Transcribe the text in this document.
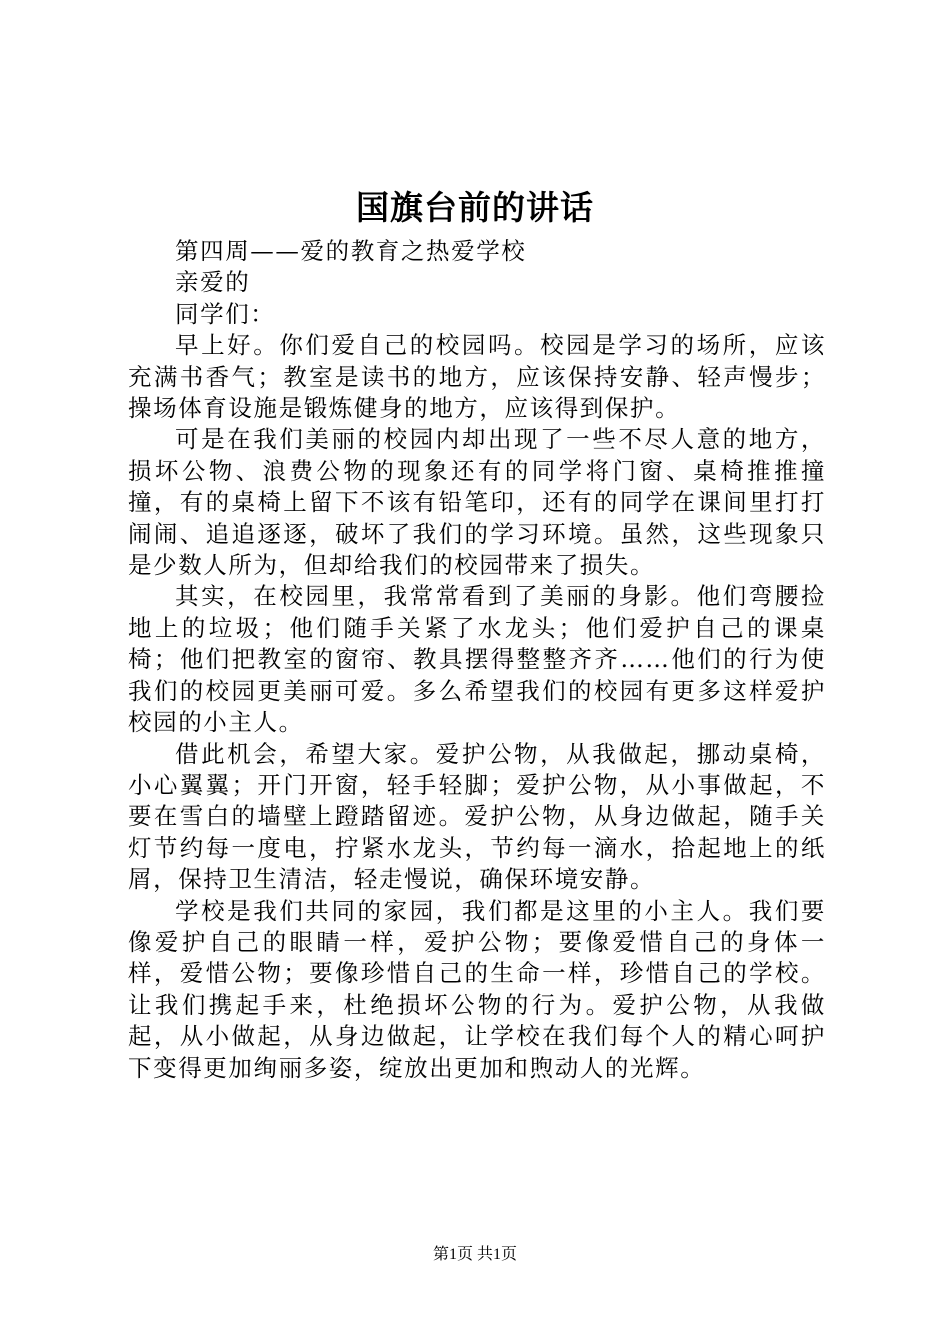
国旗台前的讲话

第四周——爱的教育之热爱学校

亲爱的

同学们：

早上好。你们爱自己的校园吗。校园是学习的场所，应该充满书香气；教室是读书的地方，应该保持安静、轻声慢步；操场体育设施是锻炼健身的地方，应该得到保护。

可是在我们美丽的校园内却出现了一些不尽人意的地方，损坏公物、浪费公物的现象还有的同学将门窗、桌椅推推撞撞，有的桌椅上留下不该有铅笔印，还有的同学在课间里打打闹闹、追追逐逐，破坏了我们的学习环境。虽然，这些现象只是少数人所为，但却给我们的校园带来了损失。

其实，在校园里，我常常看到了美丽的身影。他们弯腰捡地上的垃圾；他们随手关紧了水龙头；他们爱护自己的课桌椅；他们把教室的窗帘、教具摆得整整齐齐……他们的行为使我们的校园更美丽可爱。多么希望我们的校园有更多这样爱护校园的小主人。

借此机会，希望大家。爱护公物，从我做起，挪动桌椅，小心翼翼；开门开窗，轻手轻脚；爱护公物，从小事做起，不要在雪白的墙壁上蹬踏留迹。爱护公物，从身边做起，随手关灯节约每一度电，拧紧水龙头，节约每一滴水，拾起地上的纸屑，保持卫生清洁，轻走慢说，确保环境安静。

学校是我们共同的家园，我们都是这里的小主人。我们要像爱护自己的眼睛一样，爱护公物；要像爱惜自己的身体一样，爱惜公物；要像珍惜自己的生命一样，珍惜自己的学校。让我们携起手来，杜绝损坏公物的行为。爱护公物，从我做起，从小做起，从身边做起，让学校在我们每个人的精心呵护下变得更加绚丽多姿，绽放出更加和煦动人的光辉。

第1页 共1页
